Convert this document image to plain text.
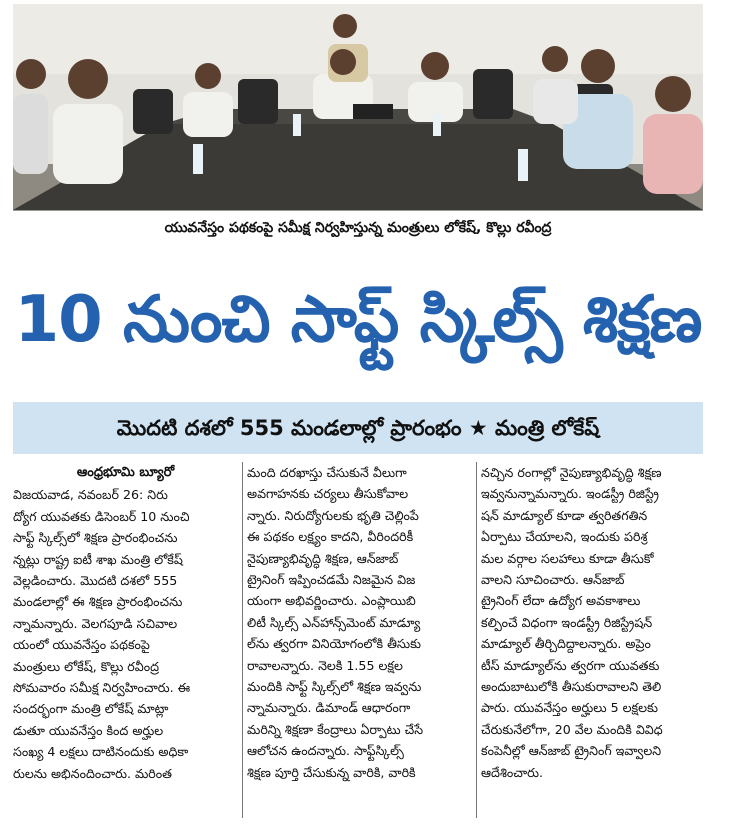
యువనేస్తం పథకంపై సమీక్ష నిర్వహిస్తున్న మంత్రులు లోకేష్, కొల్లు రవీంద్ర
10 నుంచి సాఫ్ట్ స్కిల్స్ శిక్షణ
మొదటి దశలో 555 మండలాల్లో ప్రారంభం ★ మంత్రి లోకేష్
ఆంధ్రభూమి బ్యూరో
విజయవాడ, నవంబర్ 26: నిరు
ద్యోగ యువతకు డిసెంబర్ 10 నుంచి
సాఫ్ట్ స్కిల్స్‌లో శిక్షణ ప్రారంభించను
న్నట్లు రాష్ట్ర ఐటీ శాఖ మంత్రి లోకేష్
వెల్లడించారు. మొదటి దశలో 555
మండలాల్లో ఈ శిక్షణ ప్రారంభించను
న్నామన్నారు. వెలగపూడి సచివాల
యంలో యువనేస్తం పథకంపై
మంత్రులు లోకేష్, కొల్లు రవీంద్ర
సోమవారం సమీక్ష నిర్వహించారు. ఈ
సందర్భంగా మంత్రి లోకేష్ మాట్లా
డుతూ యువనేస్తం కింద అర్హుల
సంఖ్య 4 లక్షలు దాటినందుకు అధికా
రులను అభినందించారు. మరింత
మంది దరఖాస్తు చేసుకునే వీలుగా
అవగాహనకు చర్యలు తీసుకోవాల
న్నారు. నిరుద్యోగులకు భృతి చెల్లింపే
ఈ పథకం లక్ష్యం కాదని, వీరిందరికీ
నైపుణ్యాభివృద్ధి శిక్షణ, ఆన్‌జాబ్
ట్రైనింగ్ ఇప్పించడమే నిజమైన విజ
యంగా అభివర్ణించారు. ఎంప్లాయిబి
లిటీ స్కిల్స్ ఎన్‌హాన్స్‌మెంట్ మాడ్యూ
ల్‌ను త్వరగా వినియోగంలోకి తీసుకు
రావాలన్నారు. నెలకి 1.55 లక్షల
మందికి సాఫ్ట్ స్కిల్స్‌లో శిక్షణ ఇవ్వను
న్నామన్నారు. డిమాండ్ ఆధారంగా
మరిన్ని శిక్షణా కేంద్రాలు ఏర్పాటు చేసే
ఆలోచన ఉందన్నారు. సాఫ్ట్‌స్కిల్స్
శిక్షణ పూర్తి చేసుకున్న వారికి, వారికి
నచ్చిన రంగాల్లో నైపుణ్యాభివృద్ధి శిక్షణ
ఇవ్వనున్నామన్నారు. ఇండస్ట్రీ రిజిస్ట్రే
షన్ మాడ్యూల్ కూడా త్వరితగతిన
ఏర్పాటు చేయాలని, ఇందుకు పరిశ్ర
మల వర్గాల సలహాలు కూడా తీసుకో
వాలని సూచించారు. ఆన్‌జాబ్
ట్రైనింగ్ లేదా ఉద్యోగ అవకాశాలు
కల్పించే విధంగా ఇండస్ట్రీ రిజిస్ట్రేషన్
మాడ్యూల్ తీర్చిదిద్దాలన్నారు. అప్రెం
టీస్ మాడ్యూల్‌ను త్వరగా యువతకు
అందుబాటులోకి తీసుకురావాలని తెలి
పారు. యువనేస్తం అర్హులు 5 లక్షలకు
చేరుకునేలోగా, 20 వేల మందికి వివిధ
కంపెనీల్లో ఆన్‌జాబ్ ట్రైనింగ్ ఇవ్వాలని
ఆదేశించారు.
